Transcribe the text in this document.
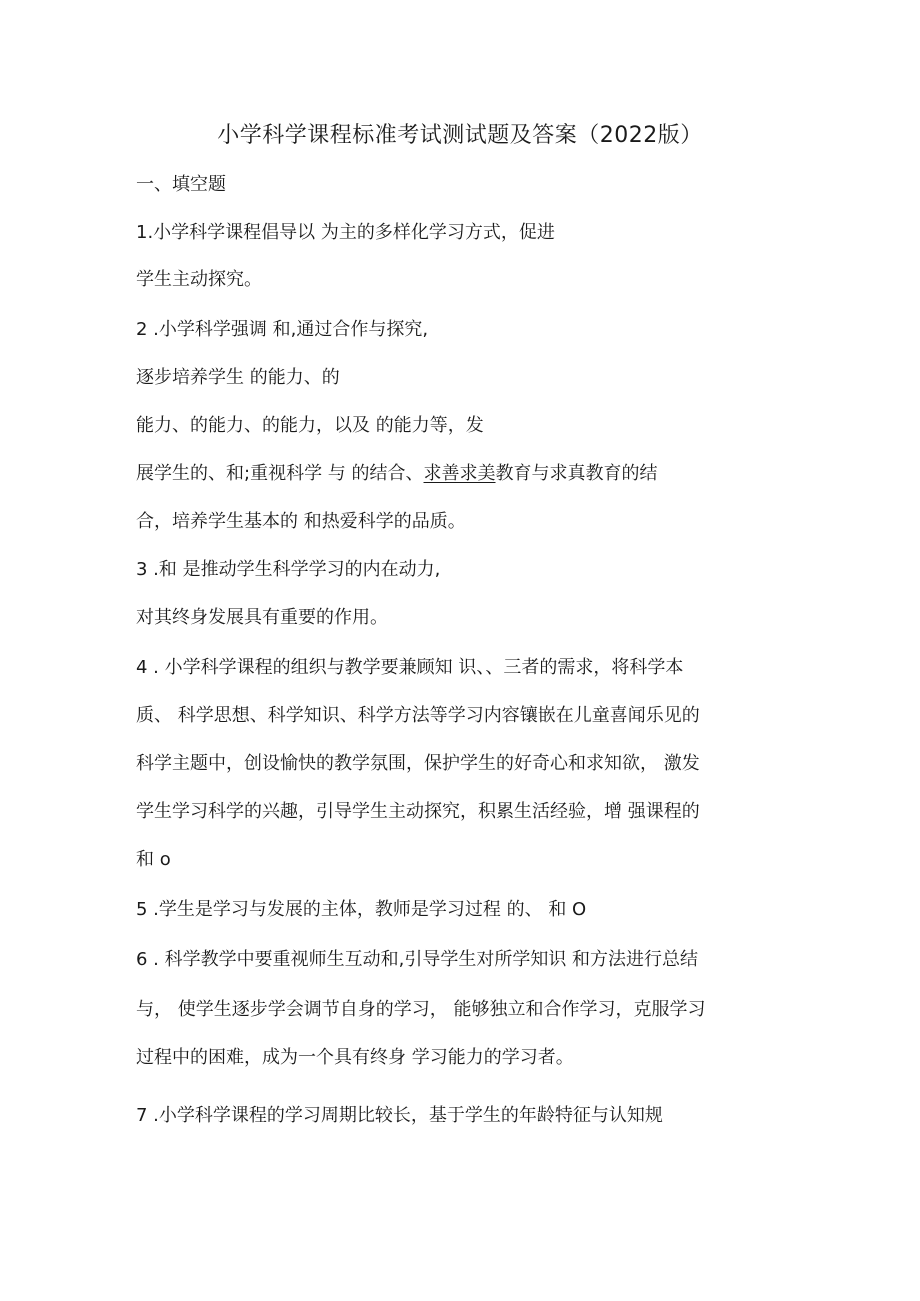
小学科学课程标准考试测试题及答案（2022版）
一、填空题
1.小学科学课程倡导以 为主的多样化学习方式，促进
学生主动探究。
2 .小学科学强调 和,通过合作与探究,
逐步培养学生 的能力、的
能力、的能力、的能力，以及 的能力等，发
展学生的、和;重视科学 与 的结合、求善求美教育与求真教育的结
合，培养学生基本的 和热爱科学的品质。
3 .和 是推动学生科学学习的内在动力,
对其终身发展具有重要的作用。
4 . 小学科学课程的组织与教学要兼顾知 识、、三者的需求，将科学本
质、 科学思想、科学知识、科学方法等学习内容镶嵌在儿童喜闻乐见的
科学主题中，创设愉快的教学氛围，保护学生的好奇心和求知欲， 激发
学生学习科学的兴趣，引导学生主动探究，积累生活经验，增 强课程的
和 o
5 .学生是学习与发展的主体，教师是学习过程 的、 和 O
6 . 科学教学中要重视师生互动和,引导学生对所学知识 和方法进行总结
与， 使学生逐步学会调节自身的学习， 能够独立和合作学习，克服学习
过程中的困难，成为一个具有终身 学习能力的学习者。
7 .小学科学课程的学习周期比较长，基于学生的年龄特征与认知规
